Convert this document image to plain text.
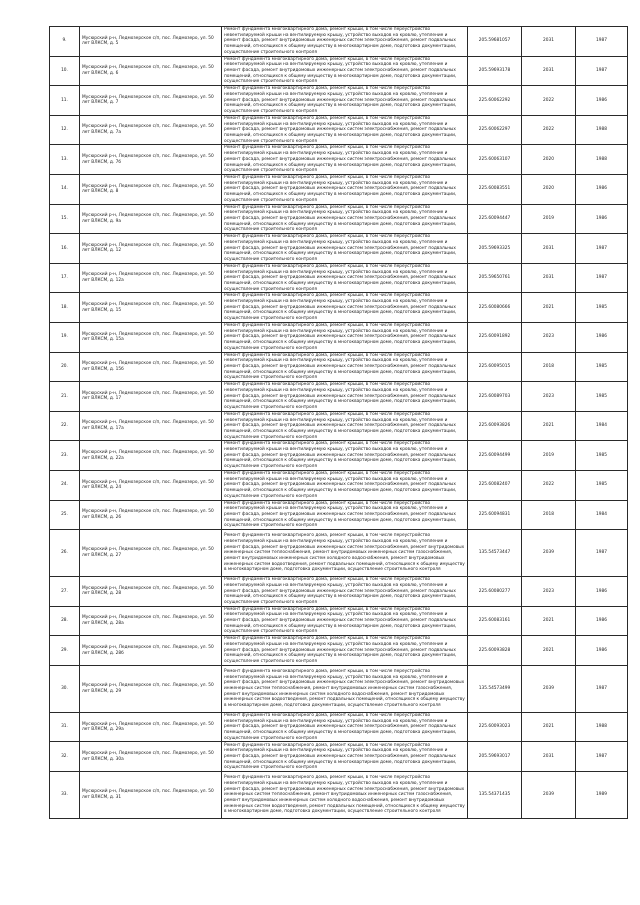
9.	Мусюрский р-н, Ледмозерское с/п, пос. Ледмозеро, ул. 50 лет ВЛКСМ, д. 5	Ремонт фундамента многоквартирного дома, ремонт крыши, в том числе переустройство невентилируемой крыши на вентилируемую крышу, устройство выходов на кровлю, утепление и ремонт фасада, ремонт внутридомовых инженерных систем электроснабжения, ремонт подвальных помещений, относящихся к общему имуществу в многоквартирном доме, подготовка документации, осуществление строительного контроля	205.59681057	2031	1987
10.	Мусюрский р-н, Ледмозерское с/п, пос. Ледмозеро, ул. 50 лет ВЛКСМ, д. 6	Ремонт фундамента многоквартирного дома, ремонт крыши, в том числе переустройство невентилируемой крыши на вентилируемую крышу, устройство выходов на кровлю, утепление и ремонт фасада, ремонт внутридомовых инженерных систем электроснабжения, ремонт подвальных помещений, относящихся к общему имуществу в многоквартирном доме, подготовка документации, осуществление строительного контроля	205.59693178	2031	1987
11.	Мусюрский р-н, Ледмозерское с/п, пос. Ледмозеро, ул. 50 лет ВЛКСМ, д. 7	Ремонт фундамента многоквартирного дома, ремонт крыши, в том числе переустройство невентилируемой крыши на вентилируемую крышу, устройство выходов на кровлю, утепление и ремонт фасада, ремонт внутридомовых инженерных систем электроснабжения, ремонт подвальных помещений, относящихся к общему имуществу в многоквартирном доме, подготовка документации, осуществление строительного контроля	225.60062292	2022	1986
12.	Мусюрский р-н, Ледмозерское с/п, пос. Ледмозеро, ул. 50 лет ВЛКСМ, д. 7а	Ремонт фундамента многоквартирного дома, ремонт крыши, в том числе переустройство невентилируемой крыши на вентилируемую крышу, устройство выходов на кровлю, утепление и ремонт фасада, ремонт внутридомовых инженерных систем электроснабжения, ремонт подвальных помещений, относящихся к общему имуществу в многоквартирном доме, подготовка документации, осуществление строительного контроля	225.60062297	2022	1988
13.	Мусюрский р-н, Ледмозерское с/п, пос. Ледмозеро, ул. 50 лет ВЛКСМ, д. 7б	Ремонт фундамента многоквартирного дома, ремонт крыши, в том числе переустройство невентилируемой крыши на вентилируемую крышу, устройство выходов на кровлю, утепление и ремонт фасада, ремонт внутридомовых инженерных систем электроснабжения, ремонт подвальных помещений, относящихся к общему имуществу в многоквартирном доме, подготовка документации, осуществление строительного контроля	225.60063107	2020	1988
14.	Мусюрский р-н, Ледмозерское с/п, пос. Ледмозеро, ул. 50 лет ВЛКСМ, д. 8	Ремонт фундамента многоквартирного дома, ремонт крыши, в том числе переустройство невентилируемой крыши на вентилируемую крышу, устройство выходов на кровлю, утепление и ремонт фасада, ремонт внутридомовых инженерных систем электроснабжения, ремонт подвальных помещений, относящихся к общему имуществу в многоквартирном доме, подготовка документации, осуществление строительного контроля	225.60083551	2020	1986
15.	Мусюрский р-н, Ледмозерское с/п, пос. Ледмозеро, ул. 50 лет ВЛКСМ, д. 9а	Ремонт фундамента многоквартирного дома, ремонт крыши, в том числе переустройство невентилируемой крыши на вентилируемую крышу, устройство выходов на кровлю, утепление и ремонт фасада, ремонт внутридомовых инженерных систем электроснабжения, ремонт подвальных помещений, относящихся к общему имуществу в многоквартирном доме, подготовка документации, осуществление строительного контроля	225.60094447	2019	1986
16.	Мусюрский р-н, Ледмозерское с/п, пос. Ледмозеро, ул. 50 лет ВЛКСМ, д. 12	Ремонт фундамента многоквартирного дома, ремонт крыши, в том числе переустройство невентилируемой крыши на вентилируемую крышу, устройство выходов на кровлю, утепление и ремонт фасада, ремонт внутридомовых инженерных систем электроснабжения, ремонт подвальных помещений, относящихся к общему имуществу в многоквартирном доме, подготовка документации, осуществление строительного контроля	205.59693325	2031	1987
17.	Мусюрский р-н, Ледмозерское с/п, пос. Ледмозеро, ул. 50 лет ВЛКСМ, д. 12а	Ремонт фундамента многоквартирного дома, ремонт крыши, в том числе переустройство невентилируемой крыши на вентилируемую крышу, устройство выходов на кровлю, утепление и ремонт фасада, ремонт внутридомовых инженерных систем электроснабжения, ремонт подвальных помещений, относящихся к общему имуществу в многоквартирном доме, подготовка документации, осуществление строительного контроля	205.59650761	2031	1987
18.	Мусюрский р-н, Ледмозерское с/п, пос. Ледмозеро, ул. 50 лет ВЛКСМ, д. 15	Ремонт фундамента многоквартирного дома, ремонт крыши, в том числе переустройство невентилируемой крыши на вентилируемую крышу, устройство выходов на кровлю, утепление и ремонт фасада, ремонт внутридомовых инженерных систем электроснабжения, ремонт подвальных помещений, относящихся к общему имуществу в многоквартирном доме, подготовка документации, осуществление строительного контроля	225.60080666	2021	1985
19.	Мусюрский р-н, Ледмозерское с/п, пос. Ледмозеро, ул. 50 лет ВЛКСМ, д. 15а	Ремонт фундамента многоквартирного дома, ремонт крыши, в том числе переустройство невентилируемой крыши на вентилируемую крышу, устройство выходов на кровлю, утепление и ремонт фасада, ремонт внутридомовых инженерных систем электроснабжения, ремонт подвальных помещений, относящихся к общему имуществу в многоквартирном доме, подготовка документации, осуществление строительного контроля	225.60091892	2023	1986
20.	Мусюрский р-н, Ледмозерское с/п, пос. Ледмозеро, ул. 50 лет ВЛКСМ, д. 15б	Ремонт фундамента многоквартирного дома, ремонт крыши, в том числе переустройство невентилируемой крыши на вентилируемую крышу, устройство выходов на кровлю, утепление и ремонт фасада, ремонт внутридомовых инженерных систем электроснабжения, ремонт подвальных помещений, относящихся к общему имуществу в многоквартирном доме, подготовка документации, осуществление строительного контроля	225.60095015	2018	1985
21.	Мусюрский р-н, Ледмозерское с/п, пос. Ледмозеро, ул. 50 лет ВЛКСМ, д. 17	Ремонт фундамента многоквартирного дома, ремонт крыши, в том числе переустройство невентилируемой крыши на вентилируемую крышу, устройство выходов на кровлю, утепление и ремонт фасада, ремонт внутридомовых инженерных систем электроснабжения, ремонт подвальных помещений, относящихся к общему имуществу в многоквартирном доме, подготовка документации, осуществление строительного контроля	225.60089703	2023	1985
22.	Мусюрский р-н, Ледмозерское с/п, пос. Ледмозеро, ул. 50 лет ВЛКСМ, д. 17а	Ремонт фундамента многоквартирного дома, ремонт крыши, в том числе переустройство невентилируемой крыши на вентилируемую крышу, устройство выходов на кровлю, утепление и ремонт фасада, ремонт внутридомовых инженерных систем электроснабжения, ремонт подвальных помещений, относящихся к общему имуществу в многоквартирном доме, подготовка документации, осуществление строительного контроля	225.60093826	2021	1984
23.	Мусюрский р-н, Ледмозерское с/п, пос. Ледмозеро, ул. 50 лет ВЛКСМ, д. 22а	Ремонт фундамента многоквартирного дома, ремонт крыши, в том числе переустройство невентилируемой крыши на вентилируемую крышу, устройство выходов на кровлю, утепление и ремонт фасада, ремонт внутридомовых инженерных систем электроснабжения, ремонт подвальных помещений, относящихся к общему имуществу в многоквартирном доме, подготовка документации, осуществление строительного контроля	225.60094499	2019	1985
24.	Мусюрский р-н, Ледмозерское с/п, пос. Ледмозеро, ул. 50 лет ВЛКСМ, д. 24	Ремонт фундамента многоквартирного дома, ремонт крыши, в том числе переустройство невентилируемой крыши на вентилируемую крышу, устройство выходов на кровлю, утепление и ремонт фасада, ремонт внутридомовых инженерных систем электроснабжения, ремонт подвальных помещений, относящихся к общему имуществу в многоквартирном доме, подготовка документации, осуществление строительного контроля	225.60082407	2022	1985
25.	Мусюрский р-н, Ледмозерское с/п, пос. Ледмозеро, ул. 50 лет ВЛКСМ, д. 26	Ремонт фундамента многоквартирного дома, ремонт крыши, в том числе переустройство невентилируемой крыши на вентилируемую крышу, устройство выходов на кровлю, утепление и ремонт фасада, ремонт внутридомовых инженерных систем электроснабжения, ремонт подвальных помещений, относящихся к общему имуществу в многоквартирном доме, подготовка документации, осуществление строительного контроля	225.60094831	2018	1984
26.	Мусюрский р-н, Ледмозерское с/п, пос. Ледмозеро, ул. 50 лет ВЛКСМ, д. 27	Ремонт фундамента многоквартирного дома, ремонт крыши, в том числе переустройство невентилируемой крыши на вентилируемую крышу, устройство выходов на кровлю, утепление и ремонт фасада, ремонт внутридомовых инженерных систем электроснабжения, ремонт внутридомовых инженерных систем теплоснабжения, ремонт внутридомовых инженерных систем газоснабжения, ремонт внутридомовых инженерных систем холодного водоснабжения, ремонт внутридомовых инженерных систем водоотведения, ремонт подвальных помещений, относящихся к общему имуществу в многоквартирном доме, подготовка документации, осуществление строительного контроля	135.54573447	2039	1987
27.	Мусюрский р-н, Ледмозерское с/п, пос. Ледмозеро, ул. 50 лет ВЛКСМ, д. 28	Ремонт фундамента многоквартирного дома, ремонт крыши, в том числе переустройство невентилируемой крыши на вентилируемую крышу, устройство выходов на кровлю, утепление и ремонт фасада, ремонт внутридомовых инженерных систем электроснабжения, ремонт подвальных помещений, относящихся к общему имуществу в многоквартирном доме, подготовка документации, осуществление строительного контроля	225.60080277	2023	1986
28.	Мусюрский р-н, Ледмозерское с/п, пос. Ледмозеро, ул. 50 лет ВЛКСМ, д. 28а	Ремонт фундамента многоквартирного дома, ремонт крыши, в том числе переустройство невентилируемой крыши на вентилируемую крышу, устройство выходов на кровлю, утепление и ремонт фасада, ремонт внутридомовых инженерных систем электроснабжения, ремонт подвальных помещений, относящихся к общему имуществу в многоквартирном доме, подготовка документации, осуществление строительного контроля	225.60083161	2021	1986
29.	Мусюрский р-н, Ледмозерское с/п, пос. Ледмозеро, ул. 50 лет ВЛКСМ, д. 28б	Ремонт фундамента многоквартирного дома, ремонт крыши, в том числе переустройство невентилируемой крыши на вентилируемую крышу, устройство выходов на кровлю, утепление и ремонт фасада, ремонт внутридомовых инженерных систем электроснабжения, ремонт подвальных помещений, относящихся к общему имуществу в многоквартирном доме, подготовка документации, осуществление строительного контроля	225.60093828	2021	1986
30.	Мусюрский р-н, Ледмозерское с/п, пос. Ледмозеро, ул. 50 лет ВЛКСМ, д. 29	Ремонт фундамента многоквартирного дома, ремонт крыши, в том числе переустройство невентилируемой крыши на вентилируемую крышу, устройство выходов на кровлю, утепление и ремонт фасада, ремонт внутридомовых инженерных систем электроснабжения, ремонт внутридомовых инженерных систем теплоснабжения, ремонт внутридомовых инженерных систем газоснабжения, ремонт внутридомовых инженерных систем холодного водоснабжения, ремонт внутридомовых инженерных систем водоотведения, ремонт подвальных помещений, относящихся к общему имуществу в многоквартирном доме, подготовка документации, осуществление строительного контроля	135.54573499	2039	1987
31.	Мусюрский р-н, Ледмозерское с/п, пос. Ледмозеро, ул. 50 лет ВЛКСМ, д. 29а	Ремонт фундамента многоквартирного дома, ремонт крыши, в том числе переустройство невентилируемой крыши на вентилируемую крышу, устройство выходов на кровлю, утепление и ремонт фасада, ремонт внутридомовых инженерных систем электроснабжения, ремонт подвальных помещений, относящихся к общему имуществу в многоквартирном доме, подготовка документации, осуществление строительного контроля	225.60093023	2021	1988
32.	Мусюрский р-н, Ледмозерское с/п, пос. Ледмозеро, ул. 50 лет ВЛКСМ, д. 30а	Ремонт фундамента многоквартирного дома, ремонт крыши, в том числе переустройство невентилируемой крыши на вентилируемую крышу, устройство выходов на кровлю, утепление и ремонт фасада, ремонт внутридомовых инженерных систем электроснабжения, ремонт подвальных помещений, относящихся к общему имуществу в многоквартирном доме, подготовка документации, осуществление строительного контроля	205.59693017	2031	1987
33.	Мусюрский р-н, Ледмозерское с/п, пос. Ледмозеро, ул. 50 лет ВЛКСМ, д. 31	Ремонт фундамента многоквартирного дома, ремонт крыши, в том числе переустройство невентилируемой крыши на вентилируемую крышу, устройство выходов на кровлю, утепление и ремонт фасада, ремонт внутридомовых инженерных систем электроснабжения, ремонт внутридомовых инженерных систем теплоснабжения, ремонт внутридомовых инженерных систем газоснабжения, ремонт внутридомовых инженерных систем холодного водоснабжения, ремонт внутридомовых инженерных систем водоотведения, ремонт подвальных помещений, относящихся к общему имуществу в многоквартирном доме, подготовка документации, осуществление строительного контроля	135.54371435	2039	1989
